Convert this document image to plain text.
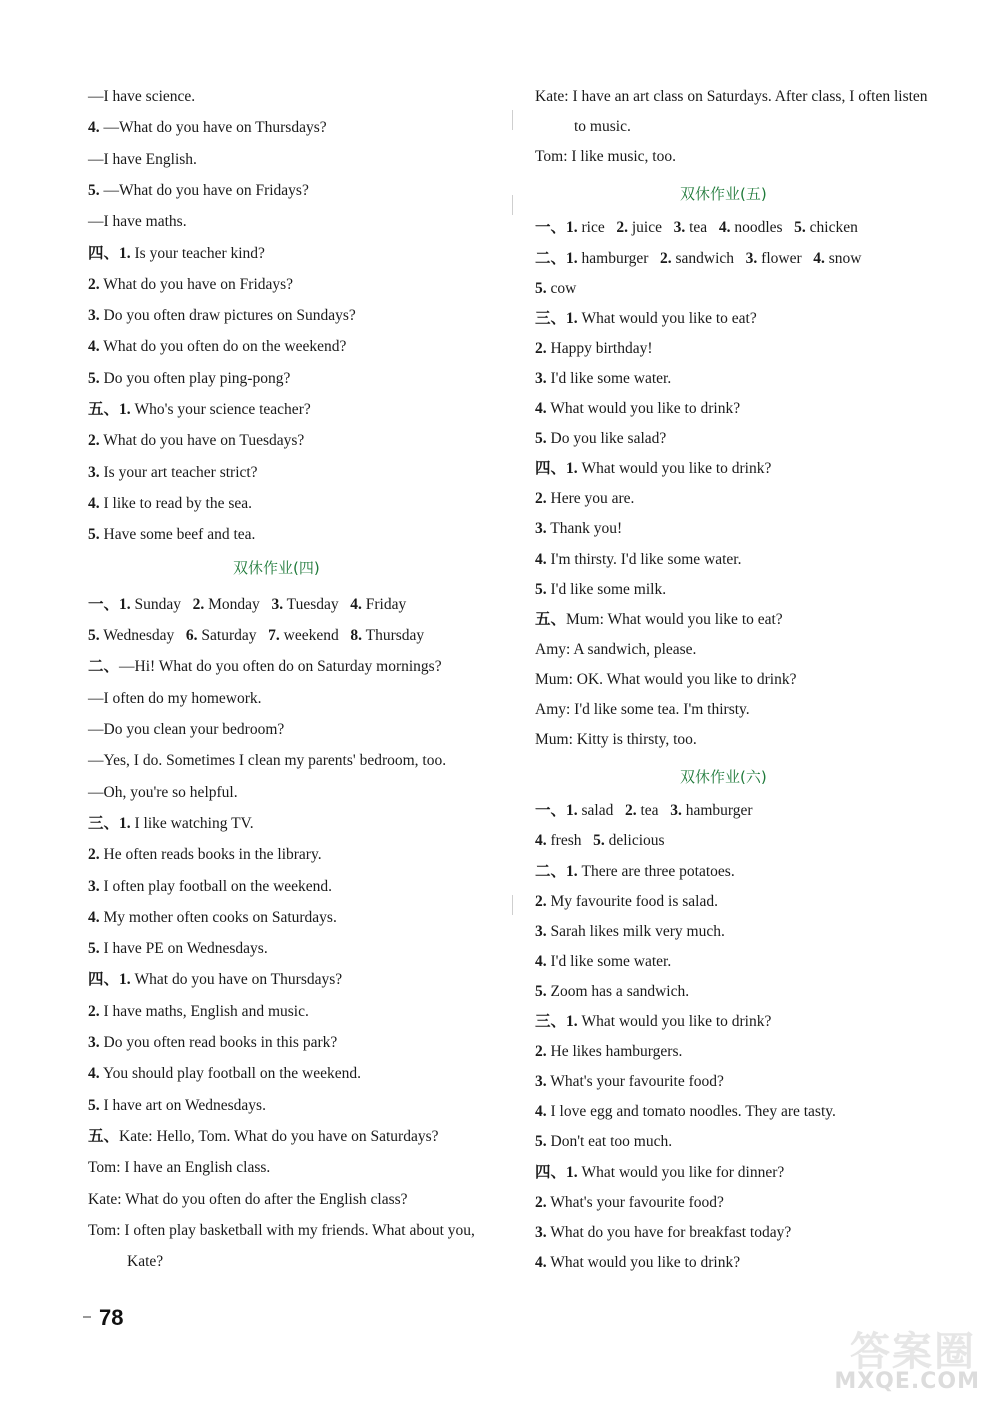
—I have science.
4. —What do you have on Thursdays?
—I have English.
5. —What do you have on Fridays?
—I have maths.
四、1. Is your teacher kind?
2. What do you have on Fridays?
3. Do you often draw pictures on Sundays?
4. What do you often do on the weekend?
5. Do you often play ping-pong?
五、1. Who's your science teacher?
2. What do you have on Tuesdays?
3. Is your art teacher strict?
4. I like to read by the sea.
5. Have some beef and tea.
双休作业(四)
一、1. Sunday 2. Monday 3. Tuesday 4. Friday
5. Wednesday 6. Saturday 7. weekend 8. Thursday
二、—Hi! What do you often do on Saturday mornings?
—I often do my homework.
—Do you clean your bedroom?
—Yes, I do. Sometimes I clean my parents' bedroom, too.
—Oh, you're so helpful.
三、1. I like watching TV.
2. He often reads books in the library.
3. I often play football on the weekend.
4. My mother often cooks on Saturdays.
5. I have PE on Wednesdays.
四、1. What do you have on Thursdays?
2. I have maths, English and music.
3. Do you often read books in this park?
4. You should play football on the weekend.
5. I have art on Wednesdays.
五、Kate: Hello, Tom. What do you have on Saturdays?
Tom: I have an English class.
Kate: What do you often do after the English class?
Tom: I often play basketball with my friends. What about you,
Kate?
Kate: I have an art class on Saturdays. After class, I often listen
to music.
Tom: I like music, too.
双休作业(五)
一、1. rice 2. juice 3. tea 4. noodles 5. chicken
二、1. hamburger 2. sandwich 3. flower 4. snow
5. cow
三、1. What would you like to eat?
2. Happy birthday!
3. I'd like some water.
4. What would you like to drink?
5. Do you like salad?
四、1. What would you like to drink?
2. Here you are.
3. Thank you!
4. I'm thirsty. I'd like some water.
5. I'd like some milk.
五、Mum: What would you like to eat?
Amy: A sandwich, please.
Mum: OK. What would you like to drink?
Amy: I'd like some tea. I'm thirsty.
Mum: Kitty is thirsty, too.
双休作业(六)
一、1. salad 2. tea 3. hamburger
4. fresh 5. delicious
二、1. There are three potatoes.
2. My favourite food is salad.
3. Sarah likes milk very much.
4. I'd like some water.
5. Zoom has a sandwich.
三、1. What would you like to drink?
2. He likes hamburgers.
3. What's your favourite food?
4. I love egg and tomato noodles. They are tasty.
5. Don't eat too much.
四、1. What would you like for dinner?
2. What's your favourite food?
3. What do you have for breakfast today?
4. What would you like to drink?
78
答案圈
MXQE.COM
